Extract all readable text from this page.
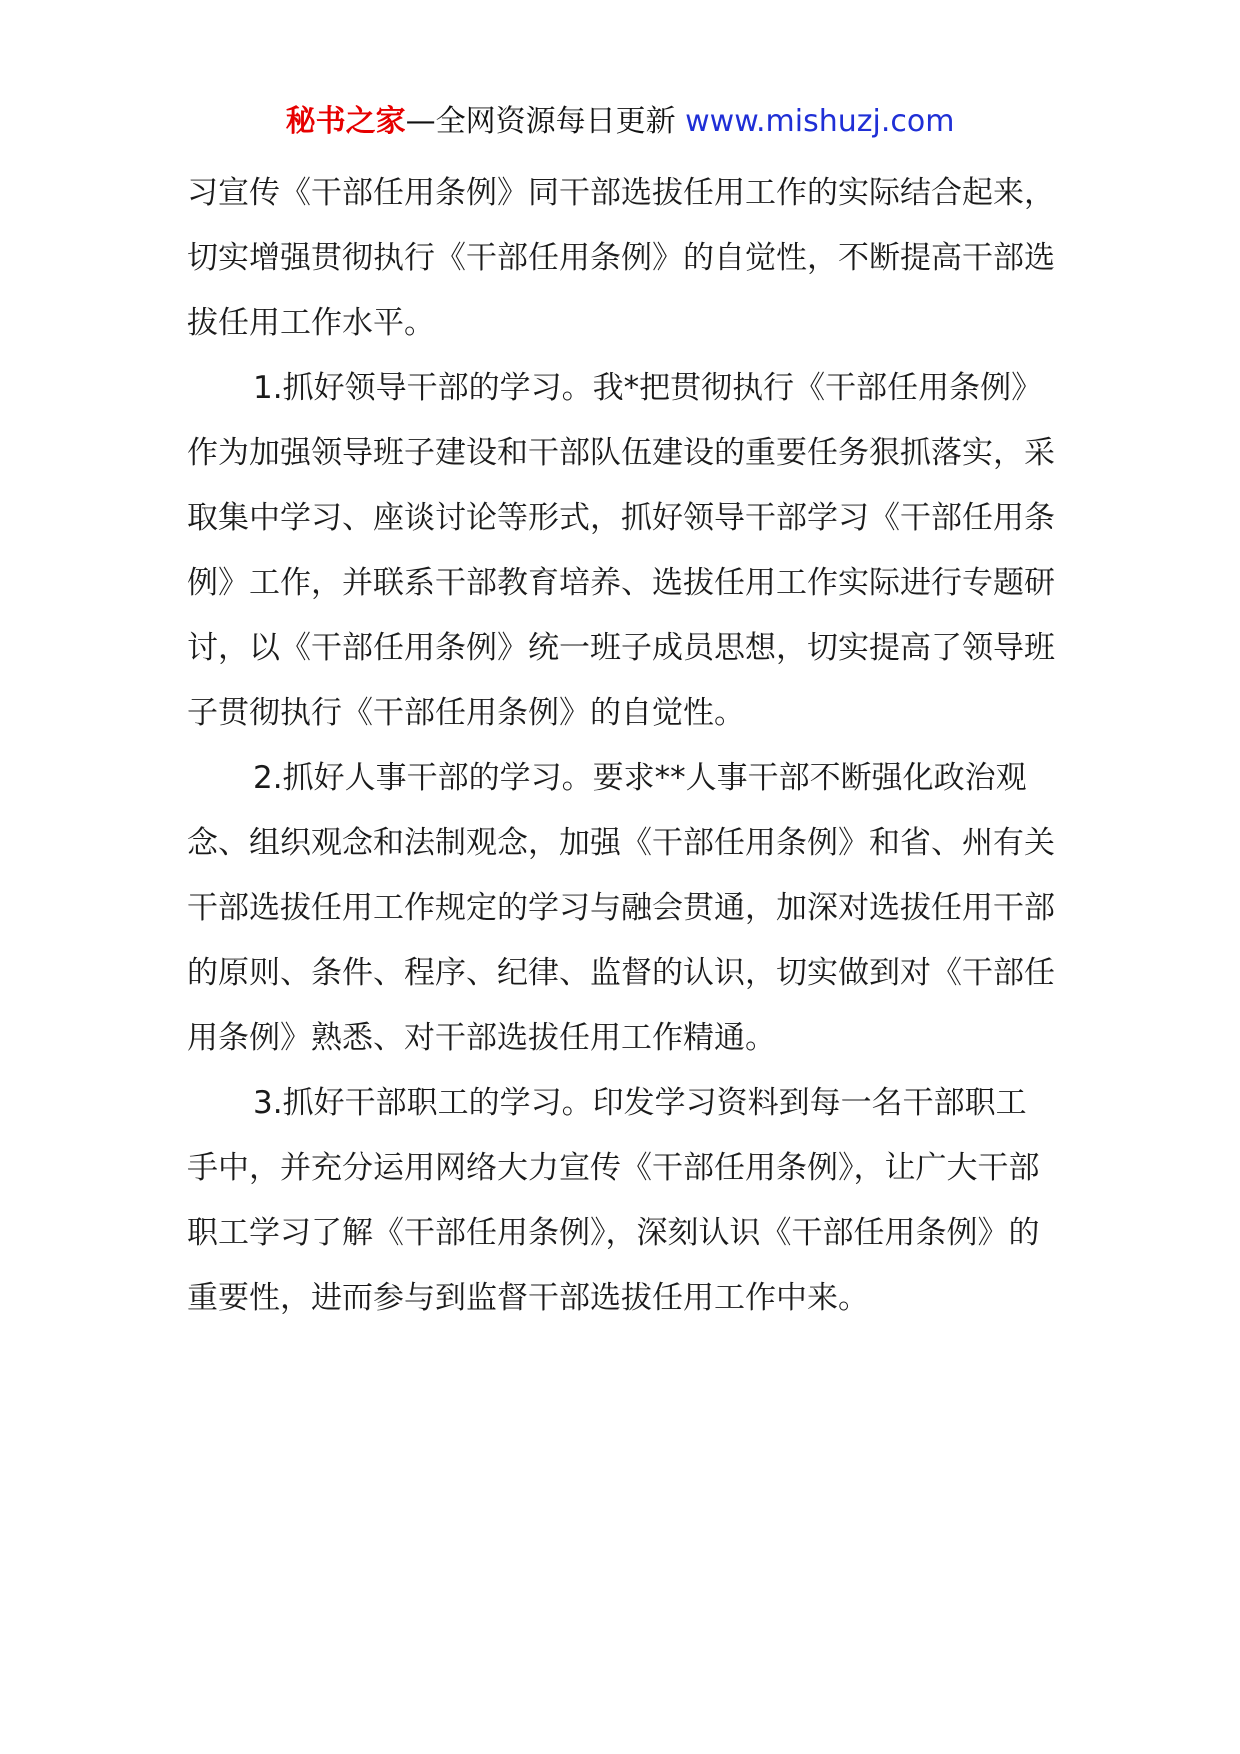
秘书之家—全网资源每日更新 www.mishuzj.com

习宣传《干部任用条例》同干部选拔任用工作的实际结合起来，切实增强贯彻执行《干部任用条例》的自觉性，不断提高干部选拔任用工作水平。

1.抓好领导干部的学习。我*把贯彻执行《干部任用条例》作为加强领导班子建设和干部队伍建设的重要任务狠抓落实，采取集中学习、座谈讨论等形式，抓好领导干部学习《干部任用条例》工作，并联系干部教育培养、选拔任用工作实际进行专题研讨，以《干部任用条例》统一班子成员思想，切实提高了领导班子贯彻执行《干部任用条例》的自觉性。

2.抓好人事干部的学习。要求**人事干部不断强化政治观念、组织观念和法制观念，加强《干部任用条例》和省、州有关干部选拔任用工作规定的学习与融会贯通，加深对选拔任用干部的原则、条件、程序、纪律、监督的认识，切实做到对《干部任用条例》熟悉、对干部选拔任用工作精通。

3.抓好干部职工的学习。印发学习资料到每一名干部职工手中，并充分运用网络大力宣传《干部任用条例》，让广大干部职工学习了解《干部任用条例》，深刻认识《干部任用条例》的重要性，进而参与到监督干部选拔任用工作中来。
